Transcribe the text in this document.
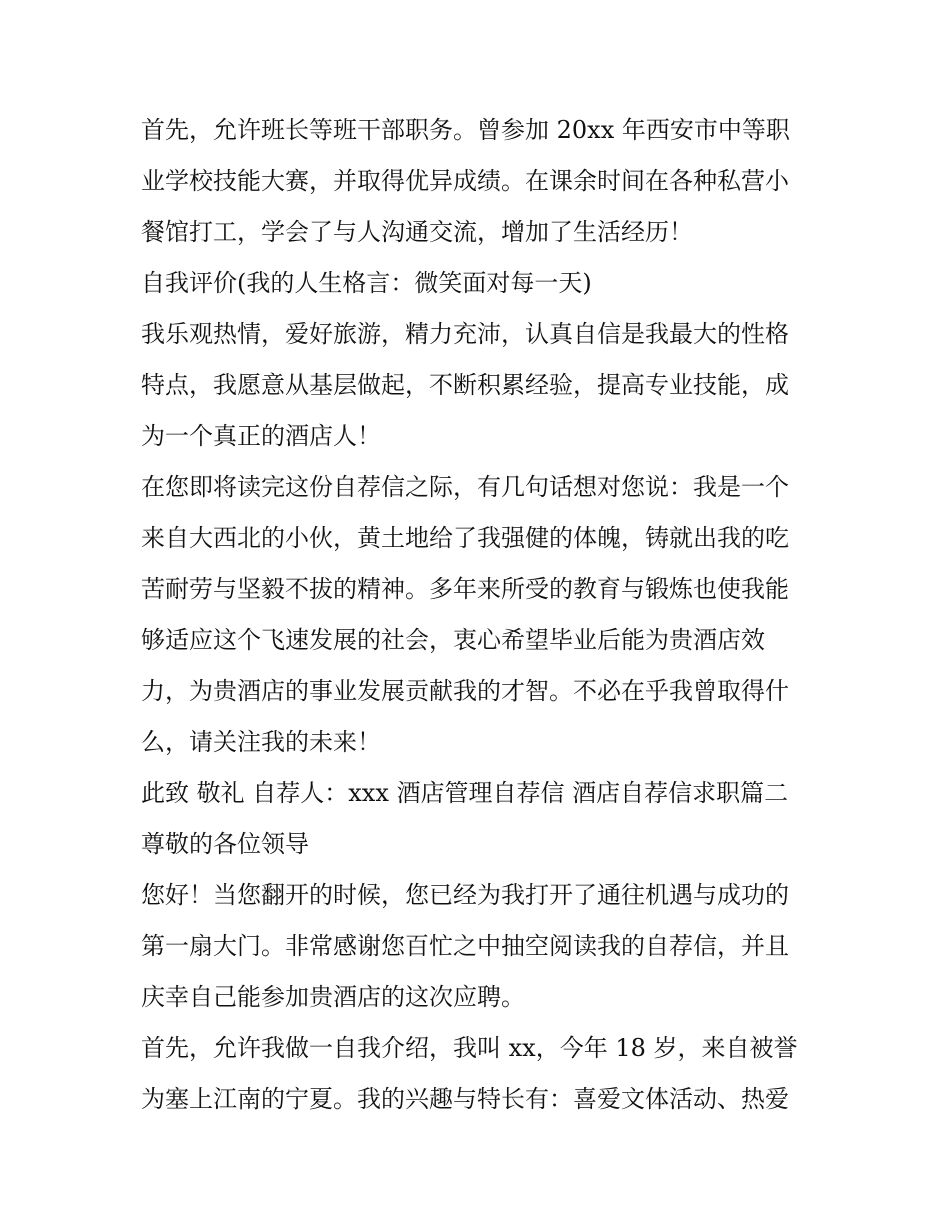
首先，允许班长等班干部职务。曾参加 20xx 年西安市中等职
业学校技能大赛，并取得优异成绩。在课余时间在各种私营小
餐馆打工，学会了与人沟通交流，增加了生活经历！
自我评价(我的人生格言：微笑面对每一天)
我乐观热情，爱好旅游，精力充沛，认真自信是我最大的性格
特点，我愿意从基层做起，不断积累经验，提高专业技能，成
为一个真正的酒店人！
在您即将读完这份自荐信之际，有几句话想对您说：我是一个
来自大西北的小伙，黄土地给了我强健的体魄，铸就出我的吃
苦耐劳与坚毅不拔的精神。多年来所受的教育与锻炼也使我能
够适应这个飞速发展的社会，衷心希望毕业后能为贵酒店效
力，为贵酒店的事业发展贡献我的才智。不必在乎我曾取得什
么，请关注我的未来！
此致 敬礼 自荐人：xxx 酒店管理自荐信 酒店自荐信求职篇二
尊敬的各位领导
您好！当您翻开的时候，您已经为我打开了通往机遇与成功的
第一扇大门。非常感谢您百忙之中抽空阅读我的自荐信，并且
庆幸自己能参加贵酒店的这次应聘。
首先，允许我做一自我介绍，我叫 xx，今年 18 岁，来自被誉
为塞上江南的宁夏。我的兴趣与特长有：喜爱文体活动、热爱
